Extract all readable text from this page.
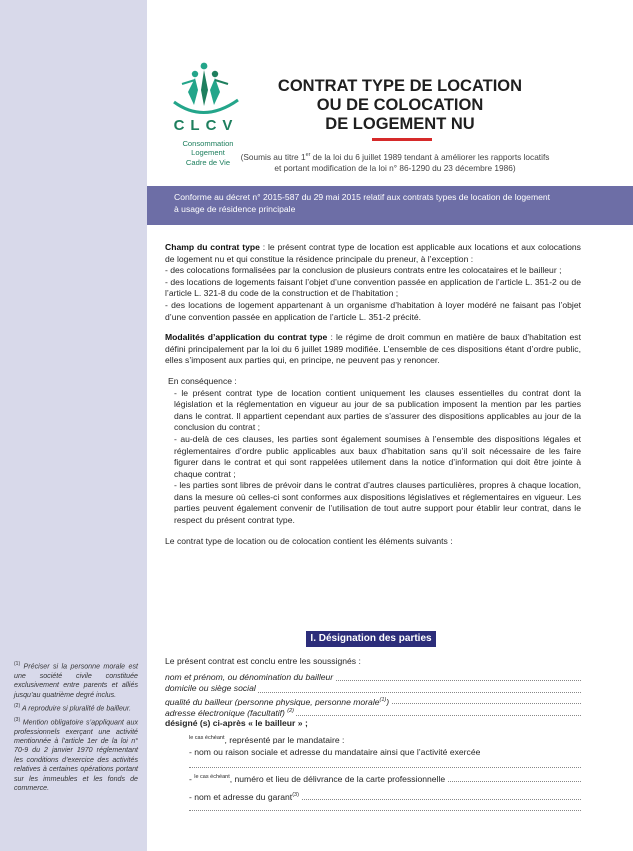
$^{(1)}$ Préciser si la personne morale est une société civile constituée exclusivement entre parents et alliés jusqu’au quatrième degré inclus.

$^{(2)}$ A reproduire si pluralité de bailleur.

$^{(3)}$ Mention obligatoire s’appliquant aux professionnels exerçant une activité mentionnée à l’article 1er de la loi n° 70-9 du 2 janvier 1970 réglementant les conditions d’exercice des activités relatives à certaines opérations portant sur les immeubles et les fonds de commerce.

CLCV
Consommation
Logement
Cadre de Vie
CONTRAT TYPE DE LOCATION
OU DE COLOCATION
DE LOGEMENT NU
(Soumis au titre 1er de la loi du 6 juillet 1989 tendant à améliorer les rapports locatifs
et portant modification de la loi n° 86-1290 du 23 décembre 1986)
Conforme au décret n° 2015-587 du 29 mai 2015 relatif aux contrats types de location de logement
à usage de résidence principale

Champ du contrat type : le présent contrat type de location est applicable aux locations et aux colocations de logement nu et qui constitue la résidence principale du preneur, à l’exception :

- des colocations formalisées par la conclusion de plusieurs contrats entre les colocataires et le bailleur ;

- des locations de logements faisant l’objet d’une convention passée en application de l’article L. 351-2 ou de l’article L. 321-8 du code de la construction et de l’habitation ;

- des locations de logement appartenant à un organisme d’habitation à loyer modéré ne faisant pas l’objet d’une convention passée en application de l’article L. 351-2 précité.

Modalités d’application du contrat type : le régime de droit commun en matière de baux d’habitation est défini principalement par la loi du 6 juillet 1989 modifiée. L’ensemble de ces dispositions étant d’ordre public, elles s’imposent aux parties qui, en principe, ne peuvent pas y renoncer.

En conséquence :

- le présent contrat type de location contient uniquement les clauses essentielles du contrat dont la législation et la réglementation en vigueur au jour de sa publication imposent la mention par les parties dans le contrat. Il appartient cependant aux parties de s’assurer des dispositions applicables au jour de la conclusion du contrat ;

- au-delà de ces clauses, les parties sont également soumises à l’ensemble des dispositions légales et réglementaires d’ordre public applicables aux baux d’habitation sans qu’il soit nécessaire de les faire figurer dans le contrat et qui sont rappelées utilement dans la notice d’information qui doit être jointe à chaque contrat ;

- les parties sont libres de prévoir dans le contrat d’autres clauses particulières, propres à chaque location, dans la mesure où celles-ci sont conformes aux dispositions législatives et réglementaires en vigueur. Les parties peuvent également convenir de l’utilisation de tout autre support pour établir leur contrat, dans le respect du présent contrat type.

Le contrat type de location ou de colocation contient les éléments suivants :

I. Désignation des parties
Le présent contrat est conclu entre les soussignés :
nom et prénom, ou dénomination du bailleur
domicile ou siège social
qualité du bailleur (personne physique, personne morale$^{(1)}$)
adresse électronique (facultatif) $^{(2)}$
désigné (s) ci-après « le bailleur » ;
$^{le cas échéant}$, représenté par le mandataire :
- nom ou raison sociale et adresse du mandataire ainsi que l’activité exercée
- $^{le cas échéant}$, numéro et lieu de délivrance de la carte professionnelle
- nom et adresse du garant$^{(3)}$
